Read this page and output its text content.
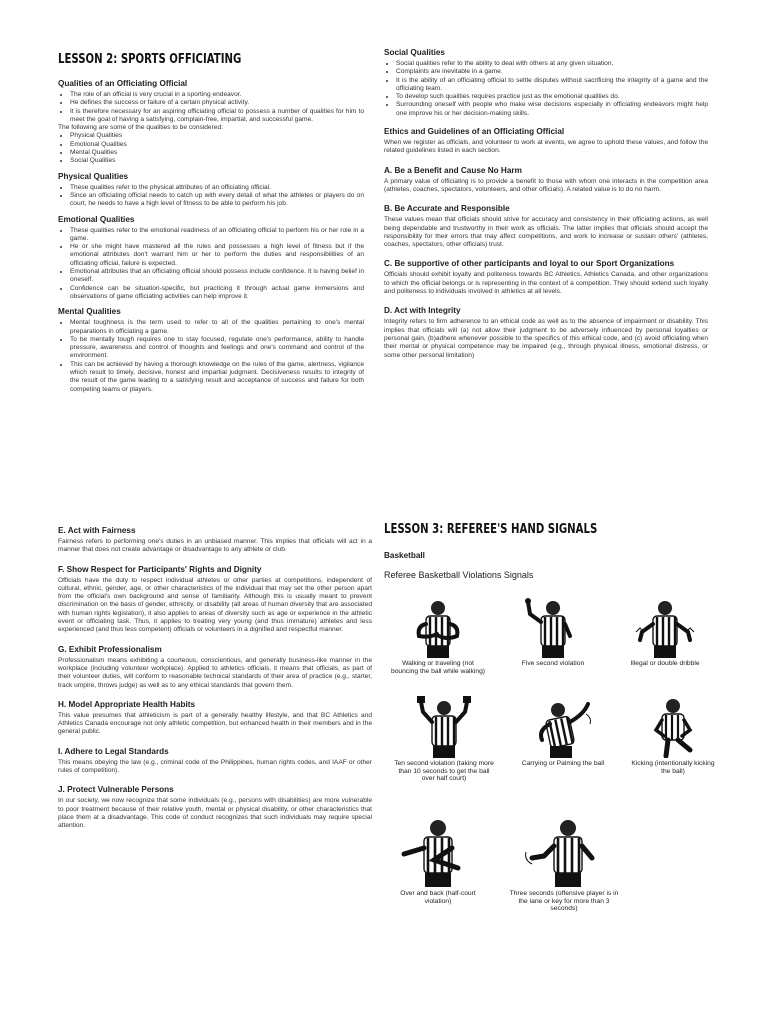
LESSON 2: SPORTS OFFICIATING
Qualities of an Officiating Official
• The role of an official is very crucial in a sporting endeavor.
• He defines the success or failure of a certain physical activity.
• It is therefore necessary for an aspiring officiating official to possess a number of qualities for him to meet the goal of having a satisfying, complain-free, impartial, and successful game.
The following are some of the qualities to be considered:
• Physical Qualities
• Emotional Qualities
• Mental Qualities
• Social Qualities
Physical Qualities
• These qualities refer to the physical attributes of an officiating official.
• Since an officiating official needs to catch up with every detail of what the athletes or players do on court, he needs to have a high level of fitness to be able to perform his job.
Emotional Qualities
• These qualities refer to the emotional readiness of an officiating official to perform his or her role in a game.
• He or she might have mastered all the rules and possesses a high level of fitness but if the emotional attributes don't warrant him or her to perform the duties and responsibilities of an officiating official, failure is expected.
• Emotional attributes that an officiating official should possess include confidence. It is having belief in oneself.
• Confidence can be situation-specific, but practicing it through actual game immersions and observations of game officiating activities can help improve it.
Mental Qualities
• Mental toughness is the term used to refer to all of the qualities pertaining to one's mental preparations in officiating a game.
• To be mentally tough requires one to stay focused, regulate one's performance, ability to handle pressure, awareness and control of thoughts and feelings and one's command and control of the environment.
• This can be achieved by having a thorough knowledge on the rules of the game, alertness, vigilance which result to timely, decisive, honest and impartial judgment. Decisiveness results to integrity of the result of the game leading to a satisfying result and acceptance of success and failure for both competing teams or players.
Social Qualities
• Social qualities refer to the ability to deal with others at any given situation.
• Complaints are inevitable in a game.
• It is the ability of an officiating official to settle disputes without sacrificing the integrity of a game and the officiating team.
• To develop such qualities requires practice just as the emotional qualities do.
• Surrounding oneself with people who make wise decisions especially in officiating endeavors might help one improve his or her decision-making skills.
Ethics and Guidelines of an Officiating Official
When we register as officials, and volunteer to work at events, we agree to uphold these values, and follow the related guidelines listed in each section.
A. Be a Benefit and Cause No Harm
A primary value of officiating is to provide a benefit to those with whom one interacts in the competition area (athletes, coaches, spectators, volunteers, and other officials). A related value is to do no harm.
B. Be Accurate and Responsible
These values mean that officials should strive for accuracy and consistency in their officiating actions, as well being dependable and trustworthy in their work as officials. The latter implies that officials should accept the responsibility for their errors that may affect competitions, and work to increase or sustain others' (athletes, coaches, spectators, other officials) trust.
C. Be supportive of other participants and loyal to our Sport Organizations
Officials should exhibit loyalty and politeness towards BC Athletics, Athletics Canada, and other organizations to which the official belongs or is representing in the context of a competition. They should extend such loyalty and politeness to individuals involved in athletics at all levels.
D. Act with Integrity
Integrity refers to firm adherence to an ethical code as well as to the absence of impairment or disability. This implies that officials will (a) not allow their judgment to be adversely influenced by personal loyalties or personal gain, (b)adhere whenever possible to the specifics of this ethical code, and (c) avoid officiating when their mental or physical competence may be impaired (e.g., through physical illness, emotional distress, or some other personal limitation)
E. Act with Fairness
Fairness refers to performing one's duties in an unbiased manner. This implies that officials will act in a manner that does not create advantage or disadvantage to any athlete or club.
F. Show Respect for Participants' Rights and Dignity
Officials have the duty to respect individual athletes or other parties at competitions, independent of cultural, ethnic, gender, age, or other characteristics of the individual that may set the other person apart from the official's own background and sense of familiarity. Although this is usually meant to prevent discrimination on the basis of gender, ethnicity, or disability (all areas of human diversity that are associated with human rights legislation), it also applies to areas of diversity such as age or experience in the athletic event or officiating task. Thus, it applies to treating very young (and thus immature) athletes and less experienced (and thus less competent) officials or volunteers in a dignified and respectful manner.
G. Exhibit Professionalism
Professionalism means exhibiting a courteous, conscientious, and generally business-like manner in the workplace (including volunteer workplace). Applied to athletics officials, it means that officials, as part of their volunteer duties, will conform to reasonable technical standards of their area of practice (e.g., starter, track umpire, throws judge) as well as to any ethical standards that govern them.
H. Model Appropriate Health Habits
This value presumes that athleticism is part of a generally healthy lifestyle, and that BC Athletics and Athletics Canada encourage not only athletic competition, but enhanced health in their members and in the general public.
I. Adhere to Legal Standards
This means obeying the law (e.g., criminal code of the Philippines, human rights codes, and IAAF or other rules of competition).
J. Protect Vulnerable Persons
In our society, we now recognize that some individuals (e.g., persons with disabilities) are more vulnerable to poor treatment because of their relative youth, mental or physical disability, or other characteristics that place them at a disadvantage. This code of conduct recognizes that such individuals may require special attention.
LESSON 3: REFEREE'S HAND SIGNALS
Basketball
Referee Basketball Violations Signals
Walking or traveling (not bouncing the ball while walking)
Five second violation	Illegal or double dribble
Ten second violation (taking more than 10 seconds to get the ball over half court)
Carrying or Palming the ball	Kicking (intentionally kicking the ball)
Over and back (half-court violation)
Three seconds (offensive player is in the lane or key for more than 3 seconds)
